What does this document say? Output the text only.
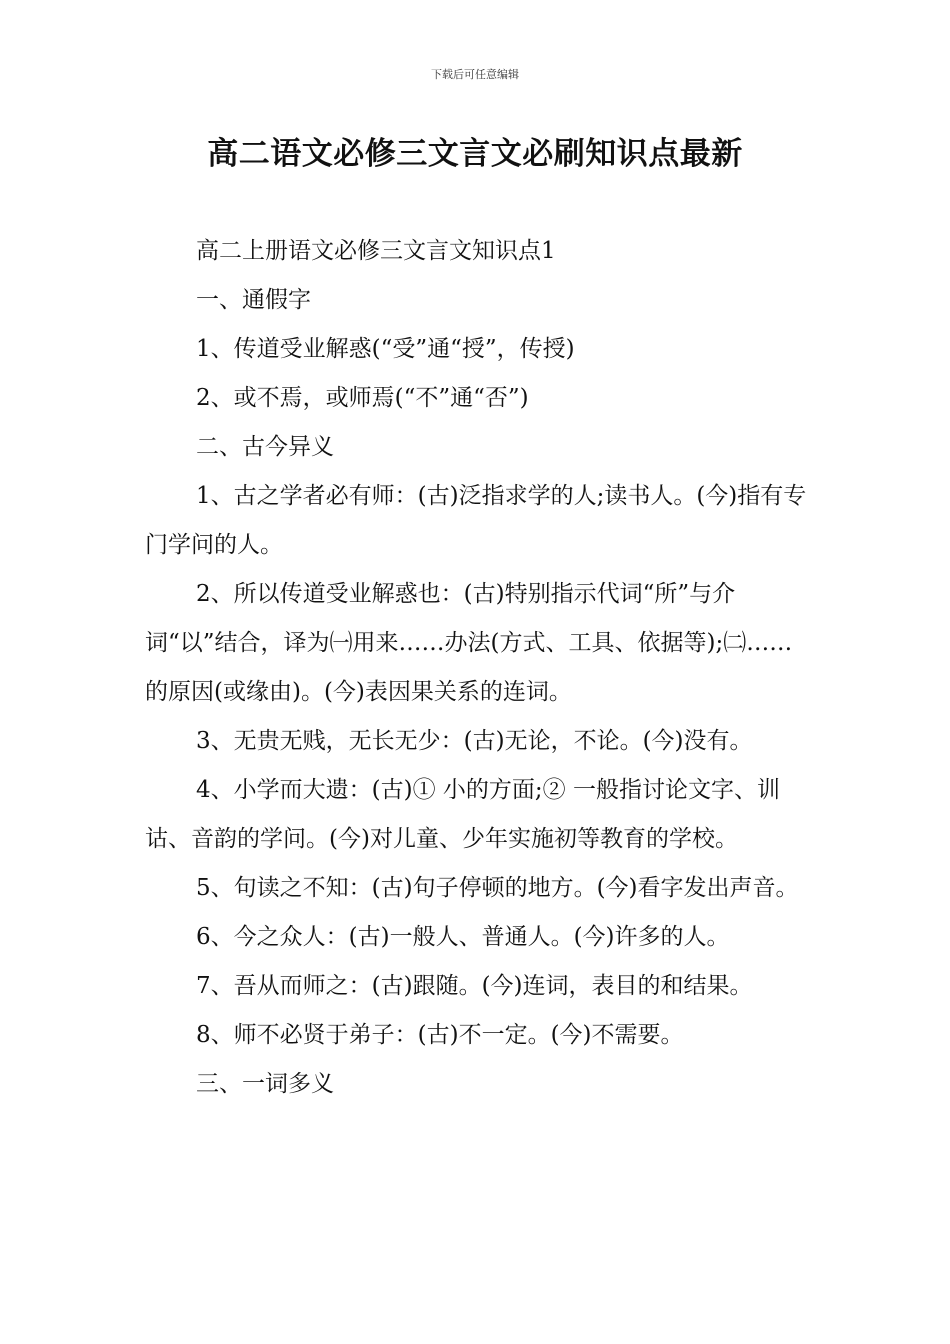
下载后可任意编辑
高二语文必修三文言文必刷知识点最新

高二上册语文必修三文言文知识点1

一、通假字

1、传道受业解惑(“受”通“授”，传授)

2、或不焉，或师焉(“不”通“否”)

二、古今异义

1、古之学者必有师：(古)泛指求学的人;读书人。(今)指有专门学问的人。

2、所以传道受业解惑也：(古)特别指示代词“所”与介词“以”结合，译为㈠用来……办法(方式、工具、依据等);㈡……的原因(或缘由)。(今)表因果关系的连词。

3、无贵无贱，无长无少：(古)无论，不论。(今)没有。

4、小学而大遗：(古)① 小的方面;② 一般指讨论文字、训诂、音韵的学问。(今)对儿童、少年实施初等教育的学校。

5、句读之不知：(古)句子停顿的地方。(今)看字发出声音。

6、今之众人：(古)一般人、普通人。(今)许多的人。

7、吾从而师之：(古)跟随。(今)连词，表目的和结果。

8、师不必贤于弟子：(古)不一定。(今)不需要。

三、一词多义
